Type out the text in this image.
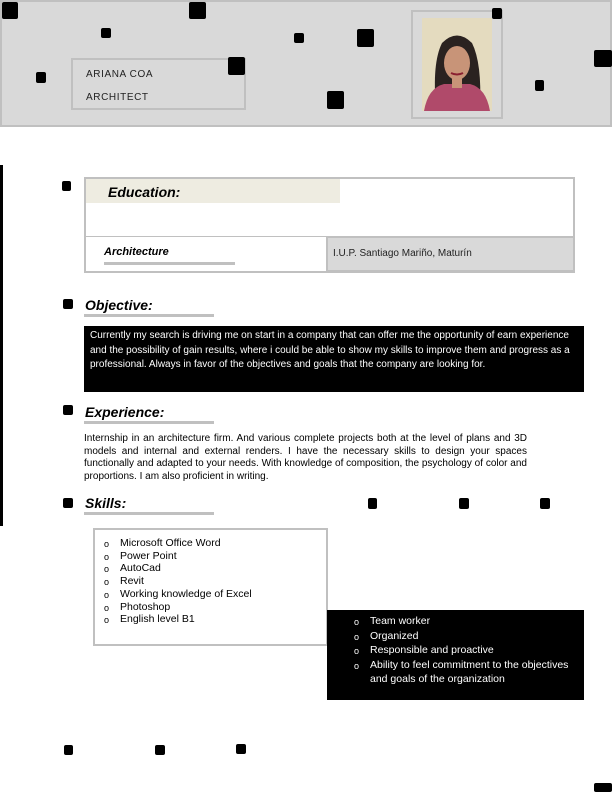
ARIANA COA
ARCHITECT
Education:
Architecture	I.U.P. Santiago Mariño, Maturín
Objective:
Currently my search is driving me on start in a company that can offer me the opportunity of earn experience and the possibility of gain results, where i could be able to show my skills to improve them and progress as a professional. Always in favor of the objectives and goals that the company are looking for.
Experience:
Internship in an architecture firm. And various complete projects both at the level of plans and 3D models and internal and external renders. I have the necessary skills to design your spaces functionally and adapted to your needs. With knowledge of composition, the psychology of color and proportions. I am also proficient in writing.
Skills:
o Microsoft Office Word
o Power Point
o AutoCad
o Revit
o Working knowledge of Excel
o Photoshop
o English level B1	o Team worker
o Organized
o Responsible and proactive
o Ability to feel commitment to the objectives and goals of the organization
